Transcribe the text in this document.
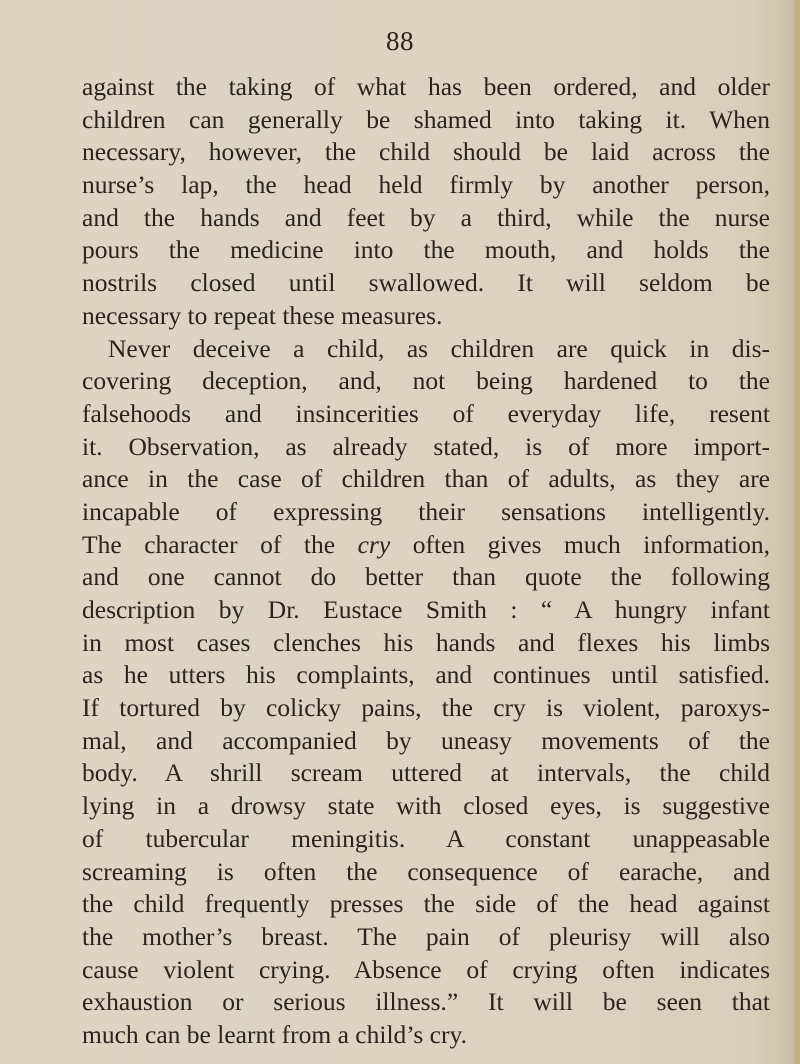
88
against the taking of what has been ordered, and older
children can generally be shamed into taking it. When
necessary, however, the child should be laid across the
nurse’s lap, the head held firmly by another person,
and the hands and feet by a third, while the nurse
pours the medicine into the mouth, and holds the
nostrils closed until swallowed. It will seldom be
necessary to repeat these measures.
Never deceive a child, as children are quick in dis-
covering deception, and, not being hardened to the
falsehoods and insincerities of everyday life, resent
it. Observation, as already stated, is of more import-
ance in the case of children than of adults, as they are
incapable of expressing their sensations intelligently.
The character of the cry often gives much information,
and one cannot do better than quote the following
description by Dr. Eustace Smith : “ A hungry infant
in most cases clenches his hands and flexes his limbs
as he utters his complaints, and continues until satisfied.
If tortured by colicky pains, the cry is violent, paroxys-
mal, and accompanied by uneasy movements of the
body. A shrill scream uttered at intervals, the child
lying in a drowsy state with closed eyes, is suggestive
of tubercular meningitis. A constant unappeasable
screaming is often the consequence of earache, and
the child frequently presses the side of the head against
the mother’s breast. The pain of pleurisy will also
cause violent crying. Absence of crying often indicates
exhaustion or serious illness.” It will be seen that
much can be learnt from a child’s cry.
